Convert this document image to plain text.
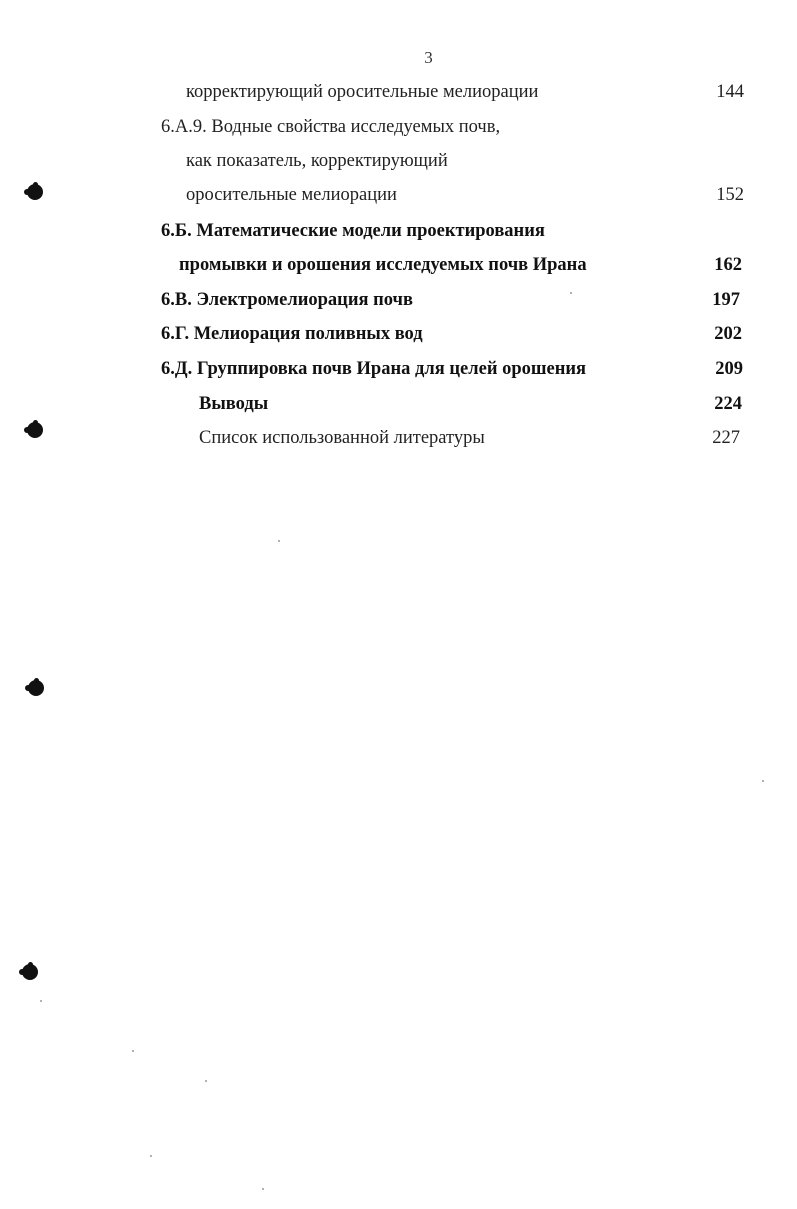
3
корректирующий оросительные мелиорации	144
6.А.9. Водные свойства исследуемых почв,
как показатель, корректирующий
оросительные мелиорации	152
6.Б. Математические модели проектирования
промывки и орошения исследуемых почв Ирана	162
6.В. Электромелиорация почв	197
6.Г. Мелиорация поливных вод	202
6.Д. Группировка почв Ирана для целей орошения	209
Выводы	224
Список использованной литературы	227
